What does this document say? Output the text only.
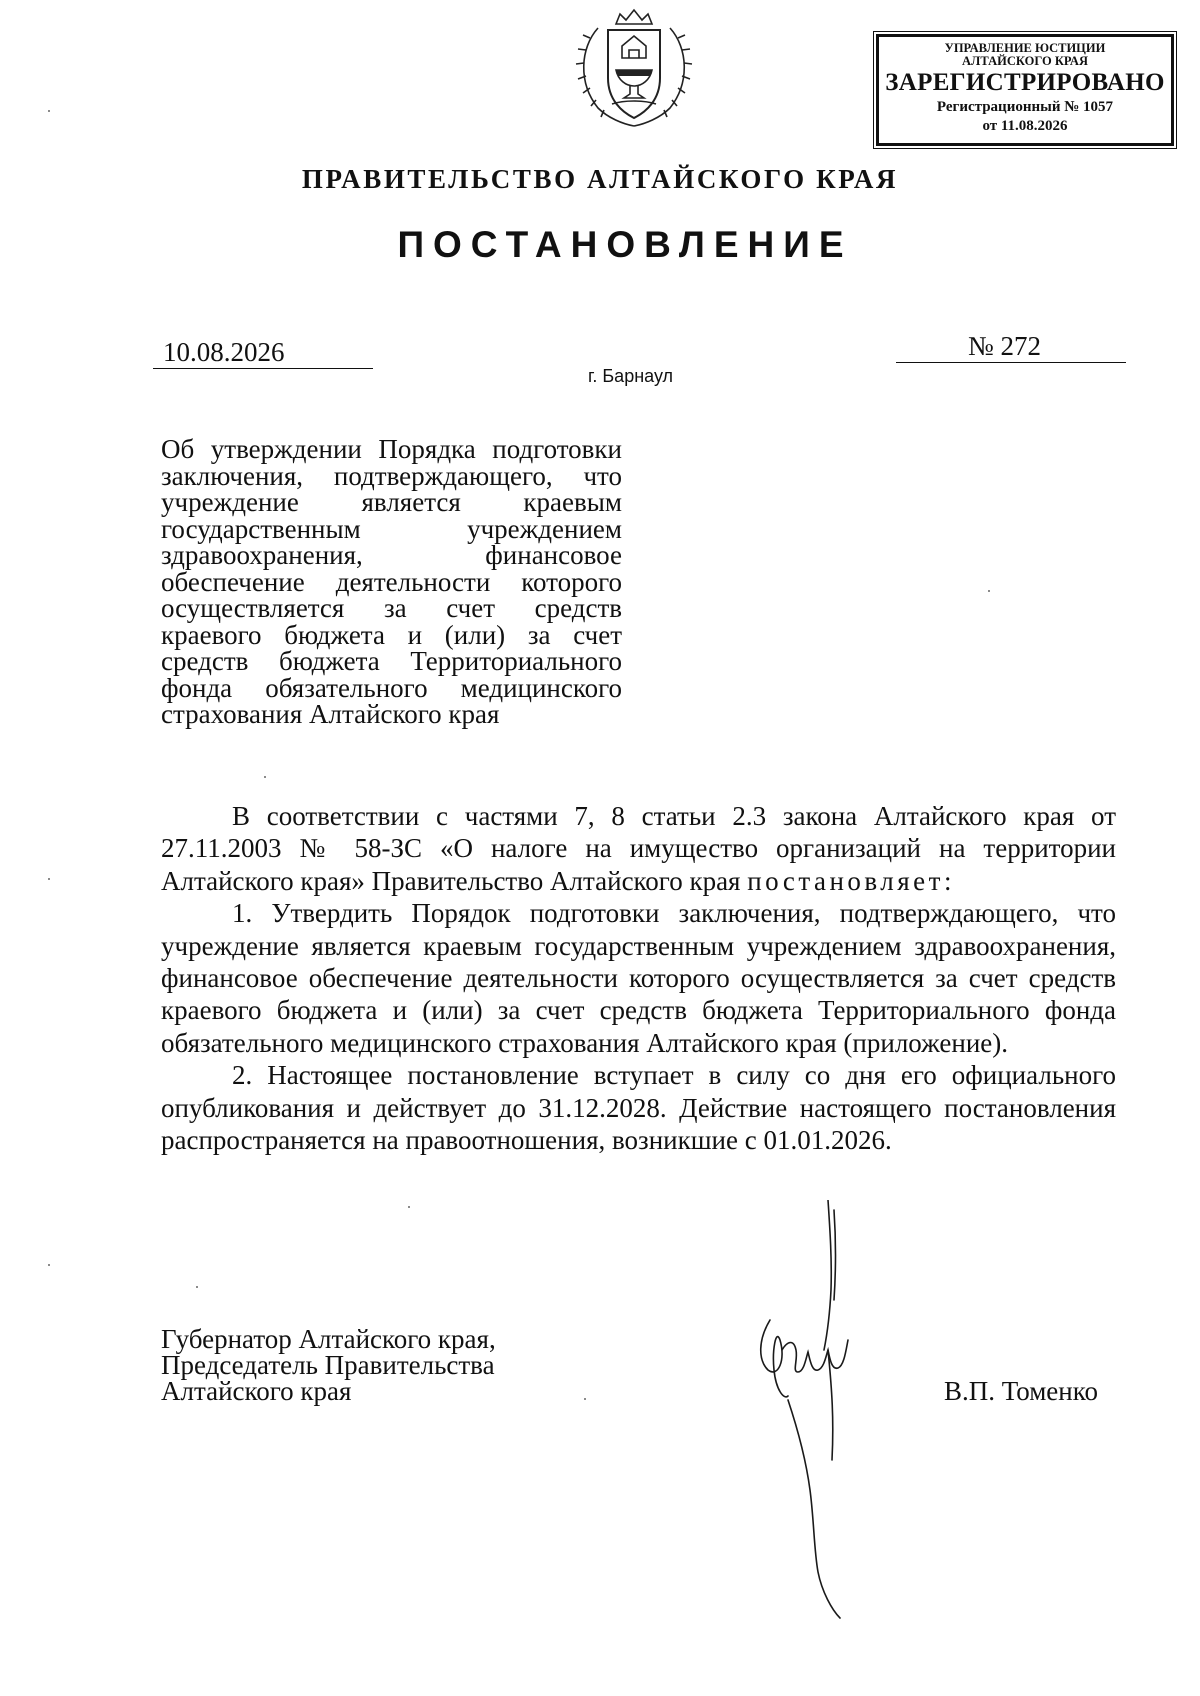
УПРАВЛЕНИЕ ЮСТИЦИИ
АЛТАЙСКОГО КРАЯ
ЗАРЕГИСТРИРОВАНО
Регистрационный № 1057
от 11.08.2026
ПРАВИТЕЛЬСТВО АЛТАЙСКОГО КРАЯ
ПОСТАНОВЛЕНИЕ
10.08.2026	№ 272
г. Барнаул
Об утверждении Порядка подготовки заключения, подтверждающего, что учреждение является краевым государственным учреждением здравоохранения, финансовое обеспечение деятельности которого осуществляется за счет средств краевого бюджета и (или) за счет средств бюджета Территориального фонда обязательного медицинского страхования Алтайского края

В соответствии с частями 7, 8 статьи 2.3 закона Алтайского края от 27.11.2003 № 58-ЗС «О налоге на имущество организаций на территории Алтайского края» Правительство Алтайского края постановляет:

1. Утвердить Порядок подготовки заключения, подтверждающего, что учреждение является краевым государственным учреждением здравоохранения, финансовое обеспечение деятельности которого осуществляется за счет средств краевого бюджета и (или) за счет средств бюджета Территориального фонда обязательного медицинского страхования Алтайского края (приложение).

2. Настоящее постановление вступает в силу со дня его официального опубликования и действует до 31.12.2028. Действие настоящего постановления распространяется на правоотношения, возникшие с 01.01.2026.

Губернатор Алтайского края,
Председатель Правительства
Алтайского края	В.П. Томенко
